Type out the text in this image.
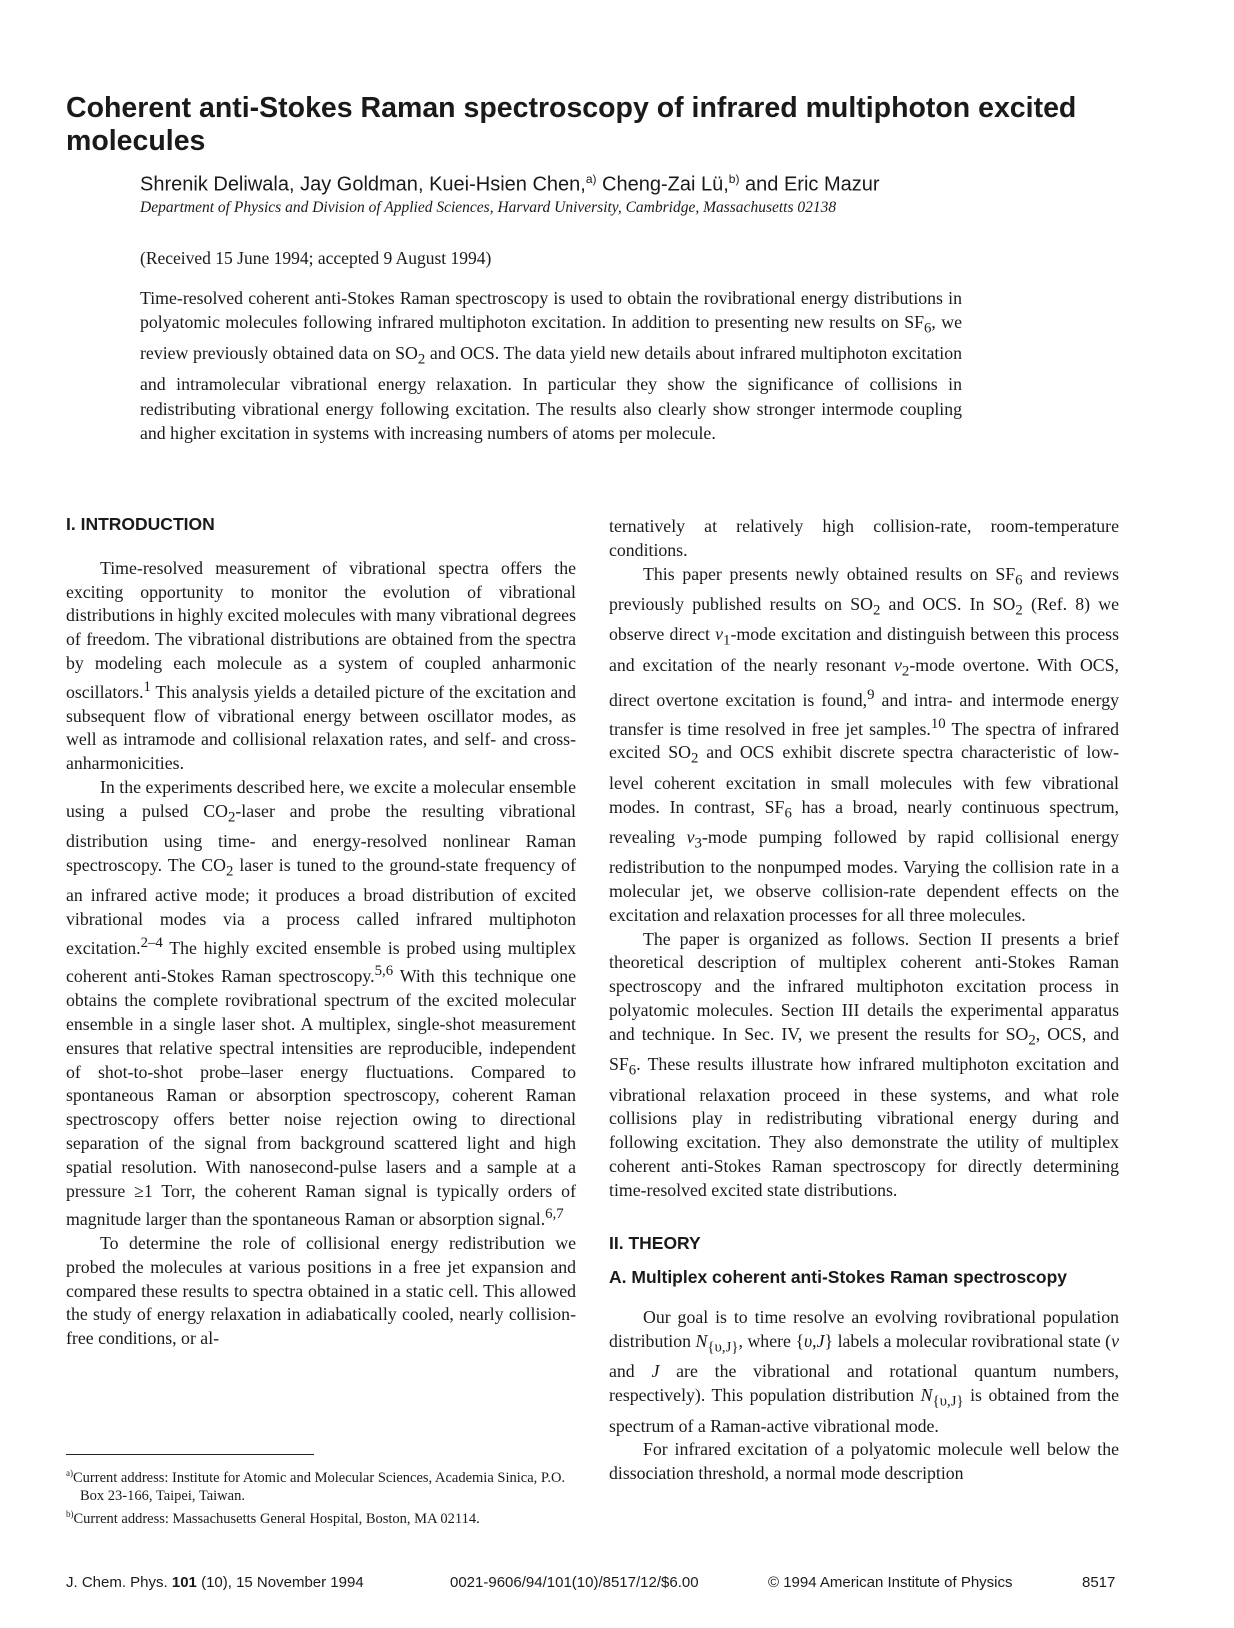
Coherent anti-Stokes Raman spectroscopy of infrared multiphoton excited molecules
Shrenik Deliwala, Jay Goldman, Kuei-Hsien Chen,$^{a)}$ Cheng-Zai Lü,$^{b)}$ and Eric Mazur
Department of Physics and Division of Applied Sciences, Harvard University, Cambridge, Massachusetts 02138
(Received 15 June 1994; accepted 9 August 1994)
Time-resolved coherent anti-Stokes Raman spectroscopy is used to obtain the rovibrational energy distributions in polyatomic molecules following infrared multiphoton excitation. In addition to presenting new results on $SF_6$, we review previously obtained data on $SO_2$ and OCS. The data yield new details about infrared multiphoton excitation and intramolecular vibrational energy relaxation. In particular they show the significance of collisions in redistributing vibrational energy following excitation. The results also clearly show stronger intermode coupling and higher excitation in systems with increasing numbers of atoms per molecule.
I. INTRODUCTION

Time-resolved measurement of vibrational spectra offers the exciting opportunity to monitor the evolution of vibrational distributions in highly excited molecules with many vibrational degrees of freedom. The vibrational distributions are obtained from the spectra by modeling each molecule as a system of coupled anharmonic oscillators.$^1$ This analysis yields a detailed picture of the excitation and subsequent flow of vibrational energy between oscillator modes, as well as intramode and collisional relaxation rates, and self- and cross-anharmonicities.

In the experiments described here, we excite a molecular ensemble using a pulsed $CO_2$-laser and probe the resulting vibrational distribution using time- and energy-resolved nonlinear Raman spectroscopy. The $CO_2$ laser is tuned to the ground-state frequency of an infrared active mode; it produces a broad distribution of excited vibrational modes via a process called infrared multiphoton excitation.$^{2-4}$ The highly excited ensemble is probed using multiplex coherent anti-Stokes Raman spectroscopy.$^{5,6}$ With this technique one obtains the complete rovibrational spectrum of the excited molecular ensemble in a single laser shot. A multiplex, single-shot measurement ensures that relative spectral intensities are reproducible, independent of shot-to-shot probe–laser energy fluctuations. Compared to spontaneous Raman or absorption spectroscopy, coherent Raman spectroscopy offers better noise rejection owing to directional separation of the signal from background scattered light and high spatial resolution. With nanosecond-pulse lasers and a sample at a pressure ≥1 Torr, the coherent Raman signal is typically orders of magnitude larger than the spontaneous Raman or absorption signal.$^{6,7}$

To determine the role of collisional energy redistribution we probed the molecules at various positions in a free jet expansion and compared these results to spectra obtained in a static cell. This allowed the study of energy relaxation in adiabatically cooled, nearly collision-free conditions, or al-

ternatively at relatively high collision-rate, room-temperature conditions.

This paper presents newly obtained results on $SF_6$ and reviews previously published results on $SO_2$ and OCS. In $SO_2$ (Ref. 8) we observe direct $\nu_1$-mode excitation and distinguish between this process and excitation of the nearly resonant $\nu_2$-mode overtone. With OCS, direct overtone excitation is found,$^9$ and intra- and intermode energy transfer is time resolved in free jet samples.$^{10}$ The spectra of infrared excited $SO_2$ and OCS exhibit discrete spectra characteristic of low-level coherent excitation in small molecules with few vibrational modes. In contrast, $SF_6$ has a broad, nearly continuous spectrum, revealing $\nu_3$-mode pumping followed by rapid collisional energy redistribution to the nonpumped modes. Varying the collision rate in a molecular jet, we observe collision-rate dependent effects on the excitation and relaxation processes for all three molecules.

The paper is organized as follows. Section II presents a brief theoretical description of multiplex coherent anti-Stokes Raman spectroscopy and the infrared multiphoton excitation process in polyatomic molecules. Section III details the experimental apparatus and technique. In Sec. IV, we present the results for $SO_2$, OCS, and $SF_6$. These results illustrate how infrared multiphoton excitation and vibrational relaxation proceed in these systems, and what role collisions play in redistributing vibrational energy during and following excitation. They also demonstrate the utility of multiplex coherent anti-Stokes Raman spectroscopy for directly determining time-resolved excited state distributions.

II. THEORY
A. Multiplex coherent anti-Stokes Raman spectroscopy

Our goal is to time resolve an evolving rovibrational population distribution $N_{\{\upsilon,J\}}$, where {υ,J} labels a molecular rovibrational state (v and J are the vibrational and rotational quantum numbers, respectively). This population distribution $N_{\{\upsilon,J\}}$ is obtained from the spectrum of a Raman-active vibrational mode.

For infrared excitation of a polyatomic molecule well below the dissociation threshold, a normal mode description

$^{a)}$Current address: Institute for Atomic and Molecular Sciences, Academia Sinica, P.O. Box 23-166, Taipei, Taiwan.
$^{b)}$Current address: Massachusetts General Hospital, Boston, MA 02114.
J. Chem. Phys. 101 (10), 15 November 1994	0021-9606/94/101(10)/8517/12/$6.00	© 1994 American Institute of Physics	8517
